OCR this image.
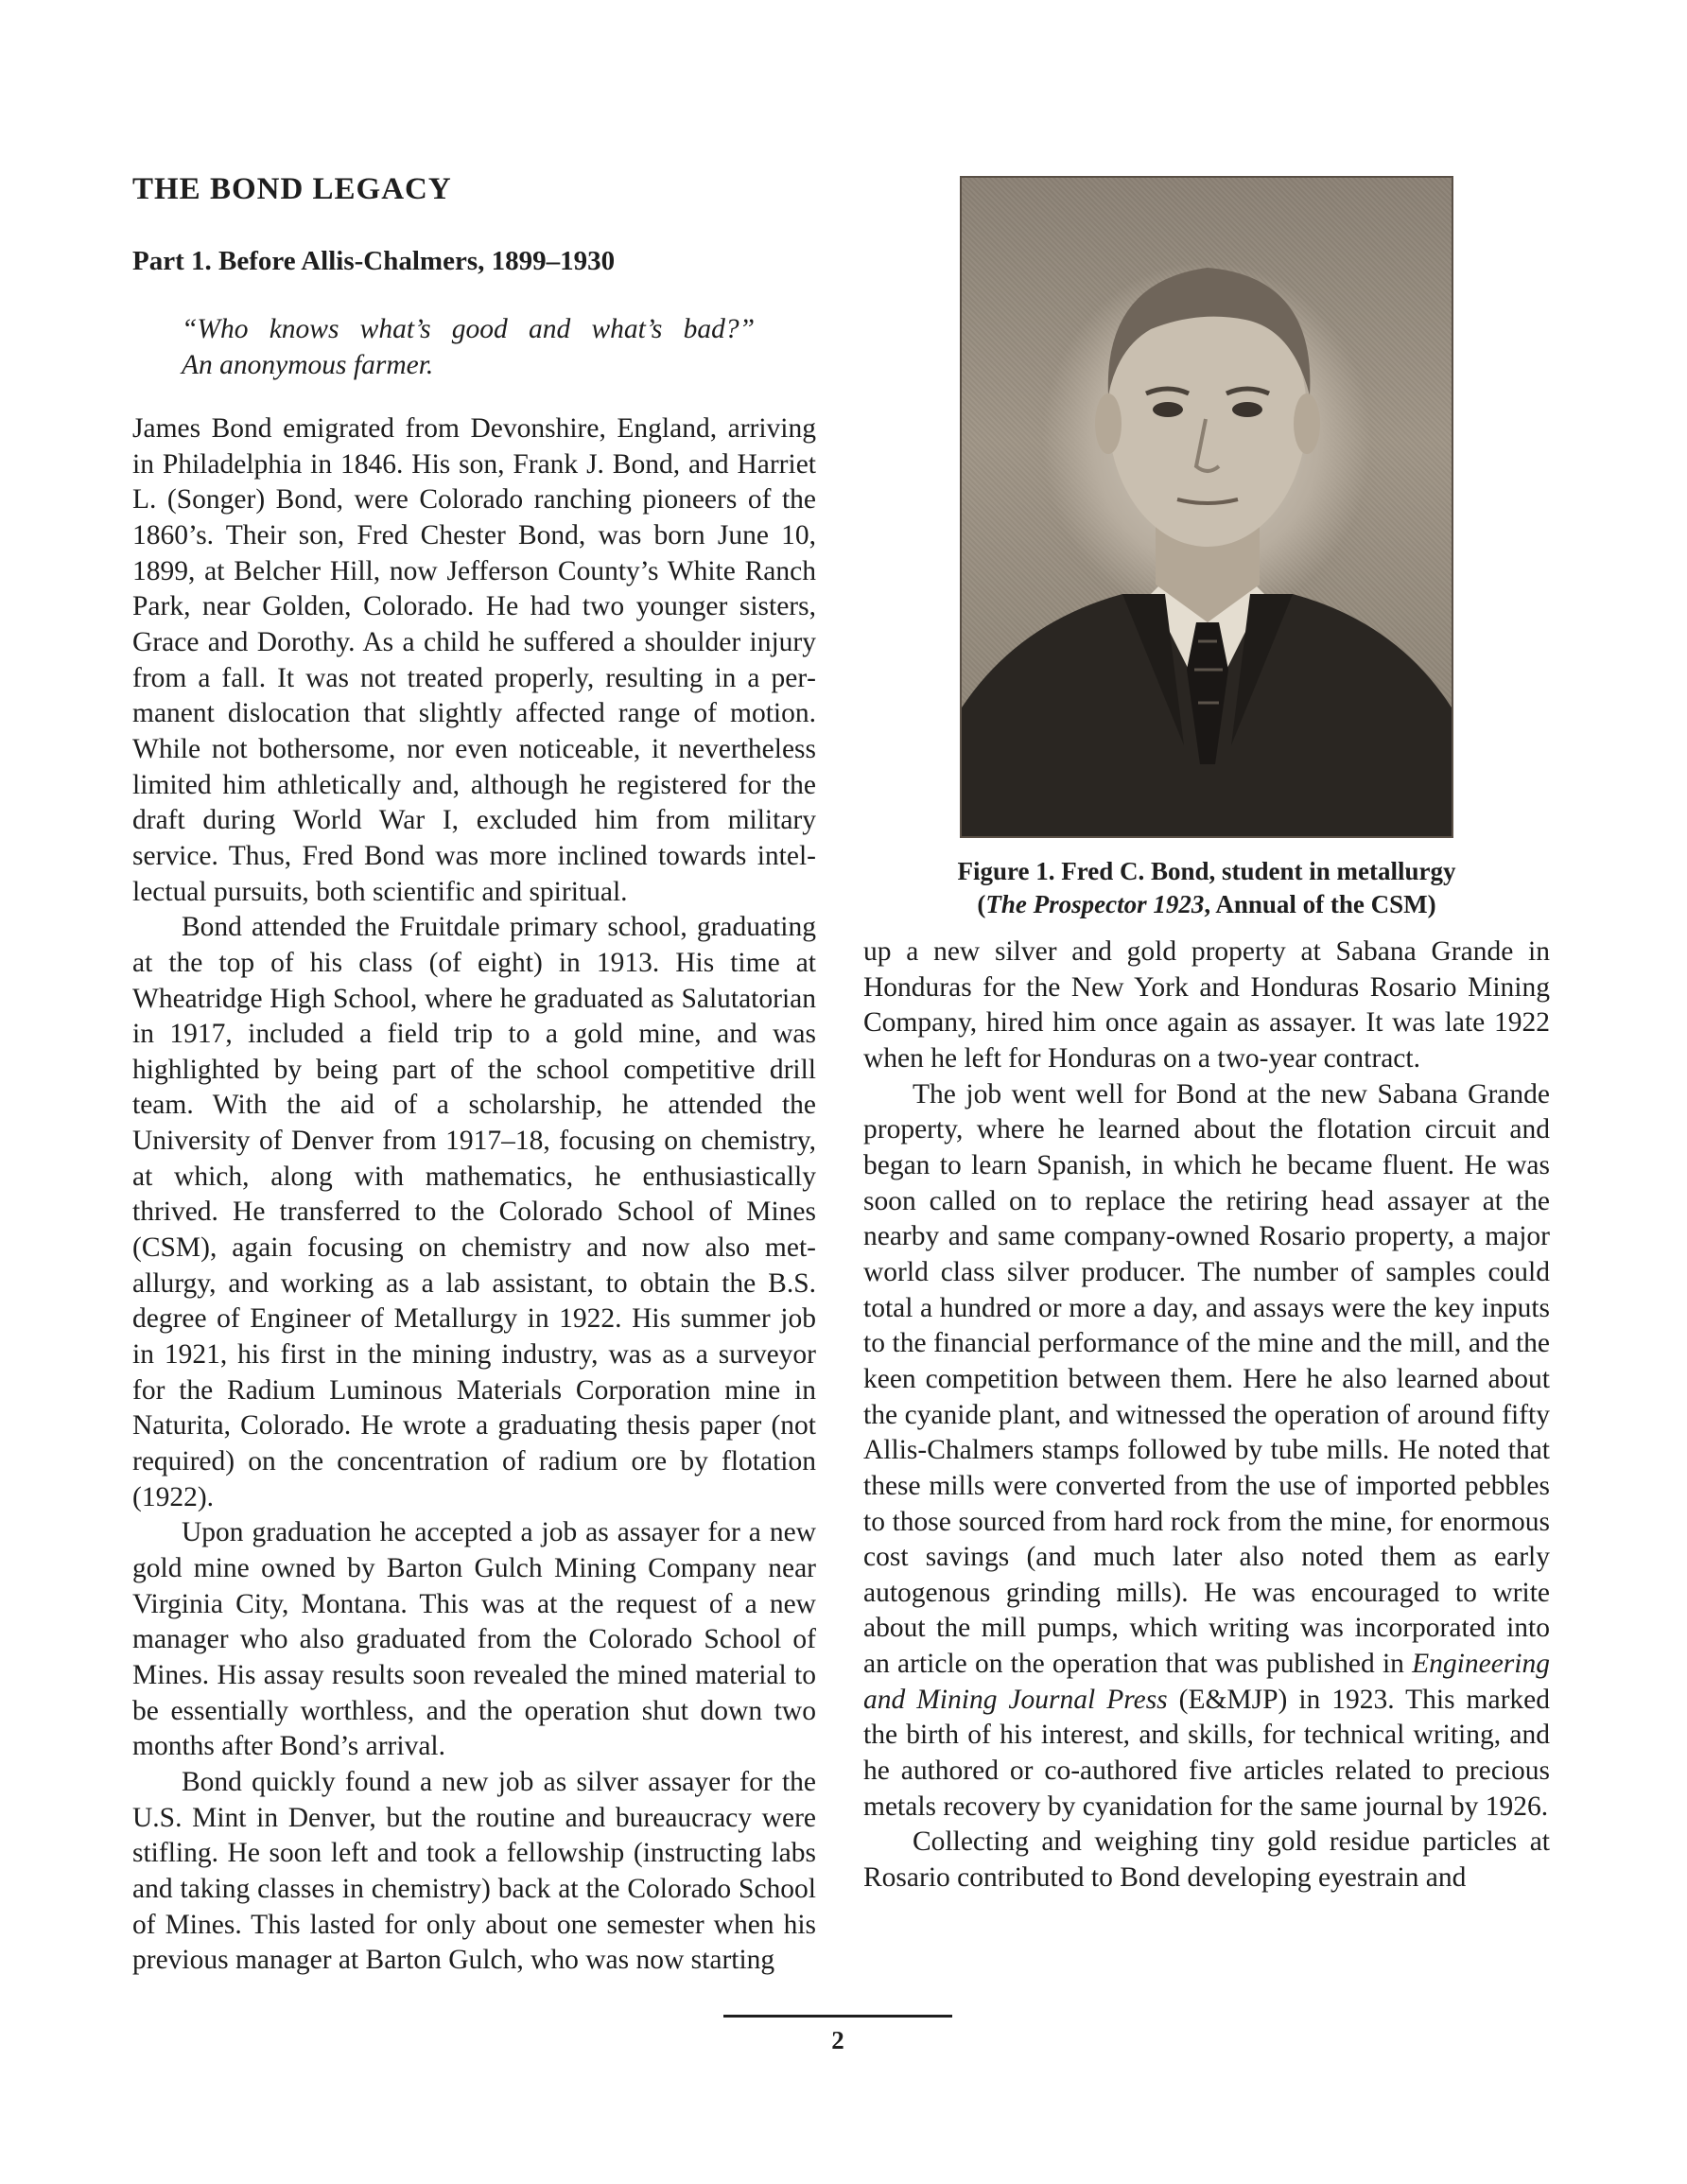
THE BOND LEGACY
Part 1. Before Allis-Chalmers, 1899–1930
“Who knows what’s good and what’s bad?”
An anonymous farmer.

James Bond emigrated from Devonshire, England, arriving in Philadelphia in 1846. His son, Frank J. Bond, and Harriet L. (Songer) Bond, were Colorado ranching pioneers of the 1860’s. Their son, Fred Chester Bond, was born June 10, 1899, at Belcher Hill, now Jefferson County’s White Ranch Park, near Golden, Colorado. He had two younger sisters, Grace and Dorothy. As a child he suffered a shoulder injury from a fall. It was not treated properly, resulting in a permanent dislocation that slightly affected range of motion. While not bothersome, nor even noticeable, it nevertheless limited him athletically and, although he registered for the draft during World War I, excluded him from military service. Thus, Fred Bond was more inclined towards intellectual pursuits, both scientific and spiritual.

Bond attended the Fruitdale primary school, graduating at the top of his class (of eight) in 1913. His time at Wheatridge High School, where he graduated as Salutatorian in 1917, included a field trip to a gold mine, and was highlighted by being part of the school competitive drill team. With the aid of a scholarship, he attended the University of Denver from 1917–18, focusing on chemistry, at which, along with mathematics, he enthusiastically thrived. He transferred to the Colorado School of Mines (CSM), again focusing on chemistry and now also metallurgy, and working as a lab assistant, to obtain the B.S. degree of Engineer of Metallurgy in 1922. His summer job in 1921, his first in the mining industry, was as a surveyor for the Radium Luminous Materials Corporation mine in Naturita, Colorado. He wrote a graduating thesis paper (not required) on the concentration of radium ore by flotation (1922).

Upon graduation he accepted a job as assayer for a new gold mine owned by Barton Gulch Mining Company near Virginia City, Montana. This was at the request of a new manager who also graduated from the Colorado School of Mines. His assay results soon revealed the mined material to be essentially worthless, and the operation shut down two months after Bond’s arrival.

Bond quickly found a new job as silver assayer for the U.S. Mint in Denver, but the routine and bureaucracy were stifling. He soon left and took a fellowship (instructing labs and taking classes in chemistry) back at the Colorado School of Mines. This lasted for only about one semester when his previous manager at Barton Gulch, who was now starting

Figure 1. Fred C. Bond, student in metallurgy
(The Prospector 1923, Annual of the CSM)

up a new silver and gold property at Sabana Grande in Honduras for the New York and Honduras Rosario Mining Company, hired him once again as assayer. It was late 1922 when he left for Honduras on a two-year contract.

The job went well for Bond at the new Sabana Grande property, where he learned about the flotation circuit and began to learn Spanish, in which he became fluent. He was soon called on to replace the retiring head assayer at the nearby and same company-owned Rosario property, a major world class silver producer. The number of samples could total a hundred or more a day, and assays were the key inputs to the financial performance of the mine and the mill, and the keen competition between them. Here he also learned about the cyanide plant, and witnessed the operation of around fifty Allis-Chalmers stamps followed by tube mills. He noted that these mills were converted from the use of imported pebbles to those sourced from hard rock from the mine, for enormous cost savings (and much later also noted them as early autogenous grinding mills). He was encouraged to write about the mill pumps, which writing was incorporated into an article on the operation that was published in Engineering and Mining Journal Press (E&MJP) in 1923. This marked the birth of his interest, and skills, for technical writing, and he authored or co-authored five articles related to precious metals recovery by cyanidation for the same journal by 1926.

Collecting and weighing tiny gold residue particles at Rosario contributed to Bond developing eyestrain and

2
